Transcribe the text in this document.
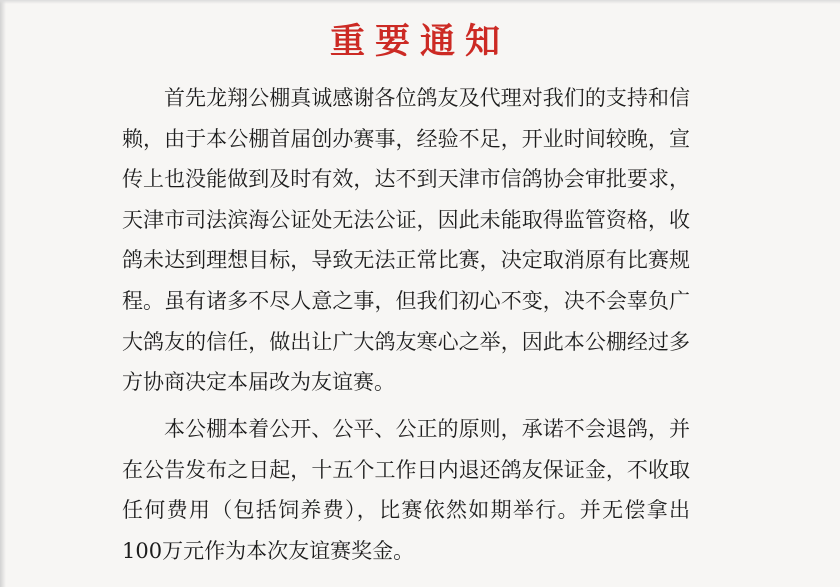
重要通知

首先龙翔公棚真诚感谢各位鸽友及代理对我们的支持和信赖，由于本公棚首届创办赛事，经验不足，开业时间较晚，宣传上也没能做到及时有效，达不到天津市信鸽协会审批要求，天津市司法滨海公证处无法公证，因此未能取得监管资格，收鸽未达到理想目标，导致无法正常比赛，决定取消原有比赛规程。虽有诸多不尽人意之事，但我们初心不变，决不会辜负广大鸽友的信任，做出让广大鸽友寒心之举，因此本公棚经过多方协商决定本届改为友谊赛。

本公棚本着公开、公平、公正的原则，承诺不会退鸽，并在公告发布之日起，十五个工作日内退还鸽友保证金，不收取任何费用（包括饲养费），比赛依然如期举行。并无偿拿出100万元作为本次友谊赛奖金。
